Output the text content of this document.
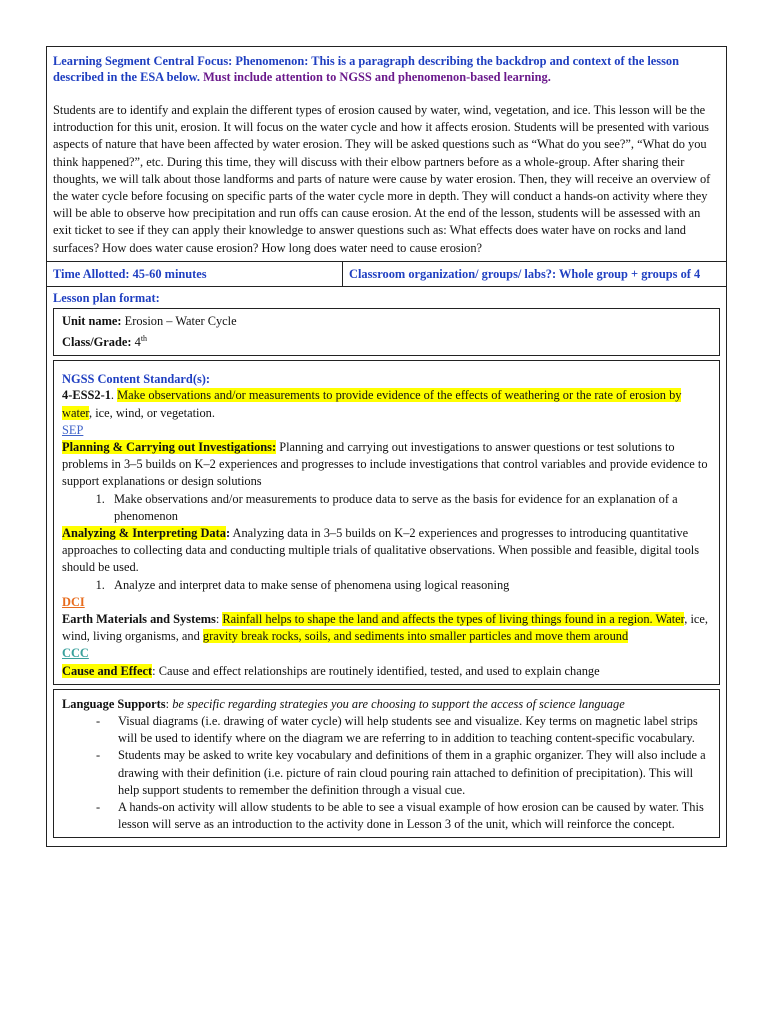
Learning Segment Central Focus: Phenomenon: This is a paragraph describing the backdrop and context of the lesson described in the ESA below. Must include attention to NGSS and phenomenon-based learning.

Students are to identify and explain the different types of erosion caused by water, wind, vegetation, and ice. This lesson will be the introduction for this unit, erosion. It will focus on the water cycle and how it affects erosion. Students will be presented with various aspects of nature that have been affected by water erosion. They will be asked questions such as “What do you see?”, “What do you think happened?”, etc. During this time, they will discuss with their elbow partners before as a whole-group. After sharing their thoughts, we will talk about those landforms and parts of nature were cause by water erosion. Then, they will receive an overview of the water cycle before focusing on specific parts of the water cycle more in depth. They will conduct a hands-on activity where they will be able to observe how precipitation and run offs can cause erosion. At the end of the lesson, students will be assessed with an exit ticket to see if they can apply their knowledge to answer questions such as: What effects does water have on rocks and land surfaces? How does water cause erosion? How long does water need to cause erosion?

Time Allotted: 45-60 minutes	Classroom organization/ groups/ labs?: Whole group + groups of 4

Lesson plan format:
Unit name: Erosion – Water Cycle
Class/Grade: 4th
NGSS Content Standard(s):
4-ESS2-1. Make observations and/or measurements to provide evidence of the effects of weathering or the rate of erosion by water, ice, wind, or vegetation.
SEP
Planning & Carrying out Investigations: Planning and carrying out investigations to answer questions or test solutions to problems in 3–5 builds on K–2 experiences and progresses to include investigations that control variables and provide evidence to support explanations or design solutions
1. Make observations and/or measurements to produce data to serve as the basis for evidence for an explanation of a phenomenon
Analyzing & Interpreting Data: Analyzing data in 3–5 builds on K–2 experiences and progresses to introducing quantitative approaches to collecting data and conducting multiple trials of qualitative observations. When possible and feasible, digital tools should be used.
1. Analyze and interpret data to make sense of phenomena using logical reasoning
DCI
Earth Materials and Systems: Rainfall helps to shape the land and affects the types of living things found in a region. Water, ice, wind, living organisms, and gravity break rocks, soils, and sediments into smaller particles and move them around
CCC
Cause and Effect: Cause and effect relationships are routinely identified, tested, and used to explain change
Language Supports: be specific regarding strategies you are choosing to support the access of science language
- Visual diagrams (i.e. drawing of water cycle) will help students see and visualize. Key terms on magnetic label strips will be used to identify where on the diagram we are referring to in addition to teaching content-specific vocabulary.
- Students may be asked to write key vocabulary and definitions of them in a graphic organizer. They will also include a drawing with their definition (i.e. picture of rain cloud pouring rain attached to definition of precipitation). This will help support students to remember the definition through a visual cue.
- A hands-on activity will allow students to be able to see a visual example of how erosion can be caused by water. This lesson will serve as an introduction to the activity done in Lesson 3 of the unit, which will reinforce the concept.
